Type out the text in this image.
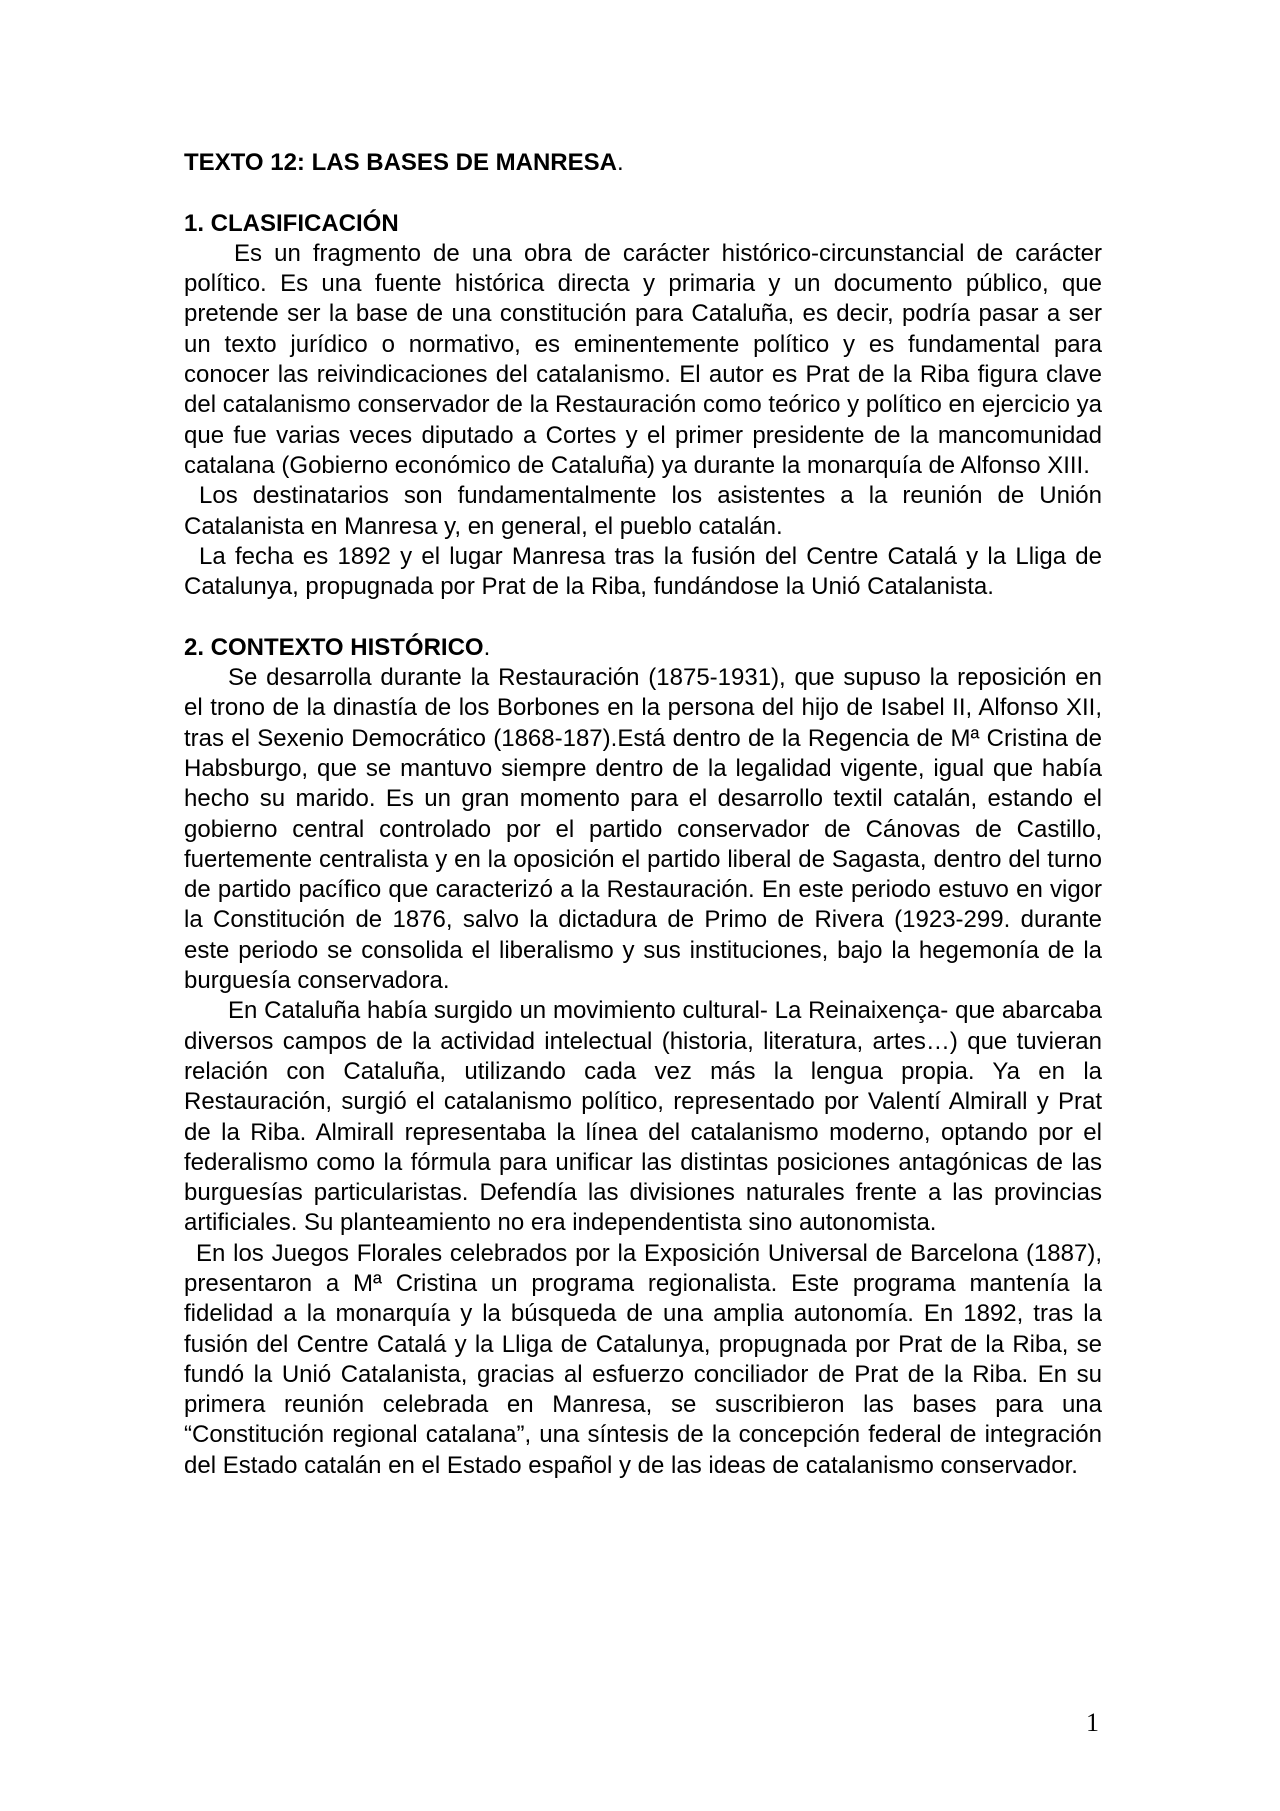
TEXTO 12: LAS BASES DE MANRESA.
1. CLASIFICACIÓN

Es un fragmento de una obra de carácter histórico-circunstancial de carácter político. Es una fuente histórica directa y primaria y un documento público, que pretende ser la base de una constitución para Cataluña, es decir, podría pasar a ser un texto jurídico o normativo, es eminentemente político y es fundamental para conocer las reivindicaciones del catalanismo. El autor es Prat de la Riba figura clave del catalanismo conservador de la Restauración como teórico y político en ejercicio ya que fue varias veces diputado a Cortes y el primer presidente de la mancomunidad catalana (Gobierno económico de Cataluña) ya durante la monarquía de Alfonso XIII.

Los destinatarios son fundamentalmente los asistentes a la reunión de Unión Catalanista en Manresa y, en general, el pueblo catalán.

La fecha es 1892 y el lugar Manresa tras la fusión del Centre Catalá y la Lliga de Catalunya, propugnada por Prat de la Riba, fundándose la Unió Catalanista.

2. CONTEXTO HISTÓRICO.

Se desarrolla durante la Restauración (1875-1931), que supuso la reposición en el trono de la dinastía de los Borbones en la persona del hijo de Isabel II, Alfonso XII, tras el Sexenio Democrático (1868-187).Está dentro de la Regencia de Mª Cristina de Habsburgo, que se mantuvo siempre dentro de la legalidad vigente, igual que había hecho su marido. Es un gran momento para el desarrollo textil catalán, estando el gobierno central controlado por el partido conservador de Cánovas de Castillo, fuertemente centralista y en la oposición el partido liberal de Sagasta, dentro del turno de partido pacífico que caracterizó a la Restauración. En este periodo estuvo en vigor la Constitución de 1876, salvo la dictadura de Primo de Rivera (1923-299. durante este periodo se consolida el liberalismo y sus instituciones, bajo la hegemonía de la burguesía conservadora.

En Cataluña había surgido un movimiento cultural- La Reinaixença- que abarcaba diversos campos de la actividad intelectual (historia, literatura, artes…) que tuvieran relación con Cataluña, utilizando cada vez más la lengua propia. Ya en la Restauración, surgió el catalanismo político, representado por Valentí Almirall y Prat de la Riba. Almirall representaba la línea del catalanismo moderno, optando por el federalismo como la fórmula para unificar las distintas posiciones antagónicas de las burguesías particularistas. Defendía las divisiones naturales frente a las provincias artificiales. Su planteamiento no era independentista sino autonomista.

En los Juegos Florales celebrados por la Exposición Universal de Barcelona (1887), presentaron a Mª Cristina un programa regionalista. Este programa mantenía la fidelidad a la monarquía y la búsqueda de una amplia autonomía. En 1892, tras la fusión del Centre Catalá y la Lliga de Catalunya, propugnada por Prat de la Riba, se fundó la Unió Catalanista, gracias al esfuerzo conciliador de Prat de la Riba. En su primera reunión celebrada en Manresa, se suscribieron las bases para una “Constitución regional catalana”, una síntesis de la concepción federal de integración del Estado catalán en el Estado español y de las ideas de catalanismo conservador.

1
